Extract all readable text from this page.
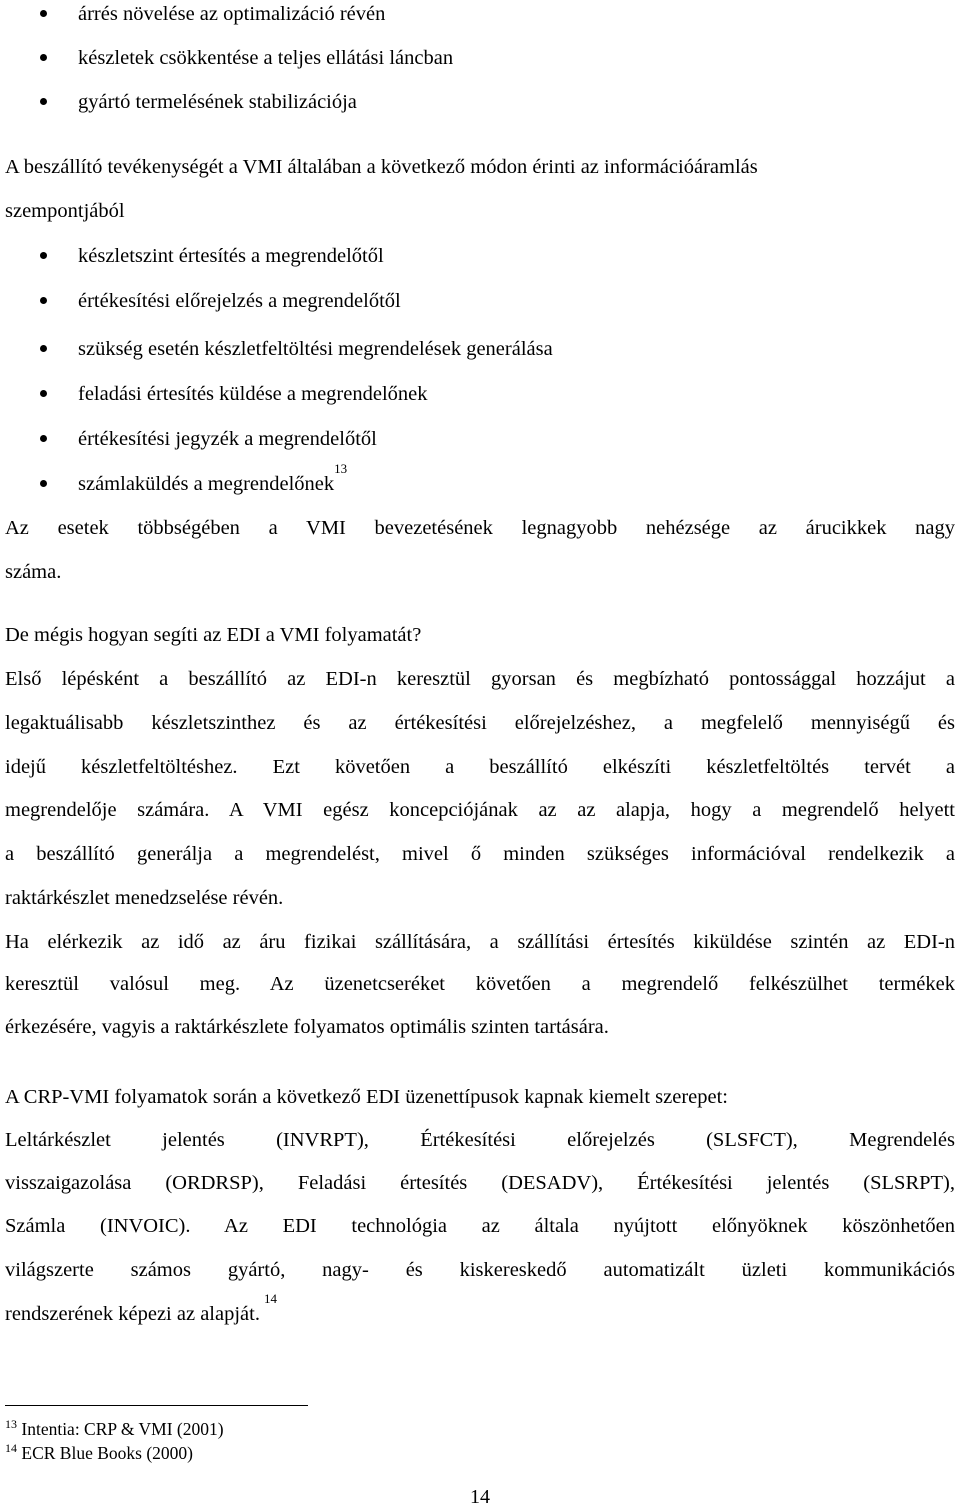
árrés növelése az optimalizáció révén
készletek csökkentése a teljes ellátási láncban
gyártó termelésének stabilizációja
A beszállító tevékenységét a VMI általában a következő módon érinti az információáramlás
szempontjából
készletszint értesítés a megrendelőtől
értékesítési előrejelzés a megrendelőtől
szükség esetén készletfeltöltési megrendelések generálása
feladási értesítés küldése a megrendelőnek
értékesítési jegyzék a megrendelőtől
számlaküldés a megrendelőnek$^{13}$
Az esetek többségében a VMI bevezetésének legnagyobb nehézsége az árucikkek nagy
száma.
De mégis hogyan segíti az EDI a VMI folyamatát?
Első lépésként a beszállító az EDI-n keresztül gyorsan és megbízható pontossággal hozzájut a
legaktuálisabb készletszinthez és az értékesítési előrejelzéshez, a megfelelő mennyiségű és
idejű készletfeltöltéshez. Ezt követően a beszállító elkészíti készletfeltöltés tervét a
megrendelője számára. A VMI egész koncepciójának az az alapja, hogy a megrendelő helyett
a beszállító generálja a megrendelést, mivel ő minden szükséges információval rendelkezik a
raktárkészlet menedzselése révén.
Ha elérkezik az idő az áru fizikai szállítására, a szállítási értesítés kiküldése szintén az EDI-n
keresztül valósul meg. Az üzenetcseréket követően a megrendelő felkészülhet termékek
érkezésére, vagyis a raktárkészlete folyamatos optimális szinten tartására.
A CRP-VMI folyamatok során a következő EDI üzenettípusok kapnak kiemelt szerepet:
Leltárkészlet jelentés (INVRPT), Értékesítési előrejelzés (SLSFCT), Megrendelés
visszaigazolása (ORDRSP), Feladási értesítés (DESADV), Értékesítési jelentés (SLSRPT),
Számla (INVOIC). Az EDI technológia az általa nyújtott előnyöknek köszönhetően
világszerte számos gyártó, nagy- és kiskereskedő automatizált üzleti kommunikációs
rendszerének képezi az alapját.$^{14}$
$^{13}$ Intentia: CRP & VMI (2001)
$^{14}$ ECR Blue Books (2000)
14
